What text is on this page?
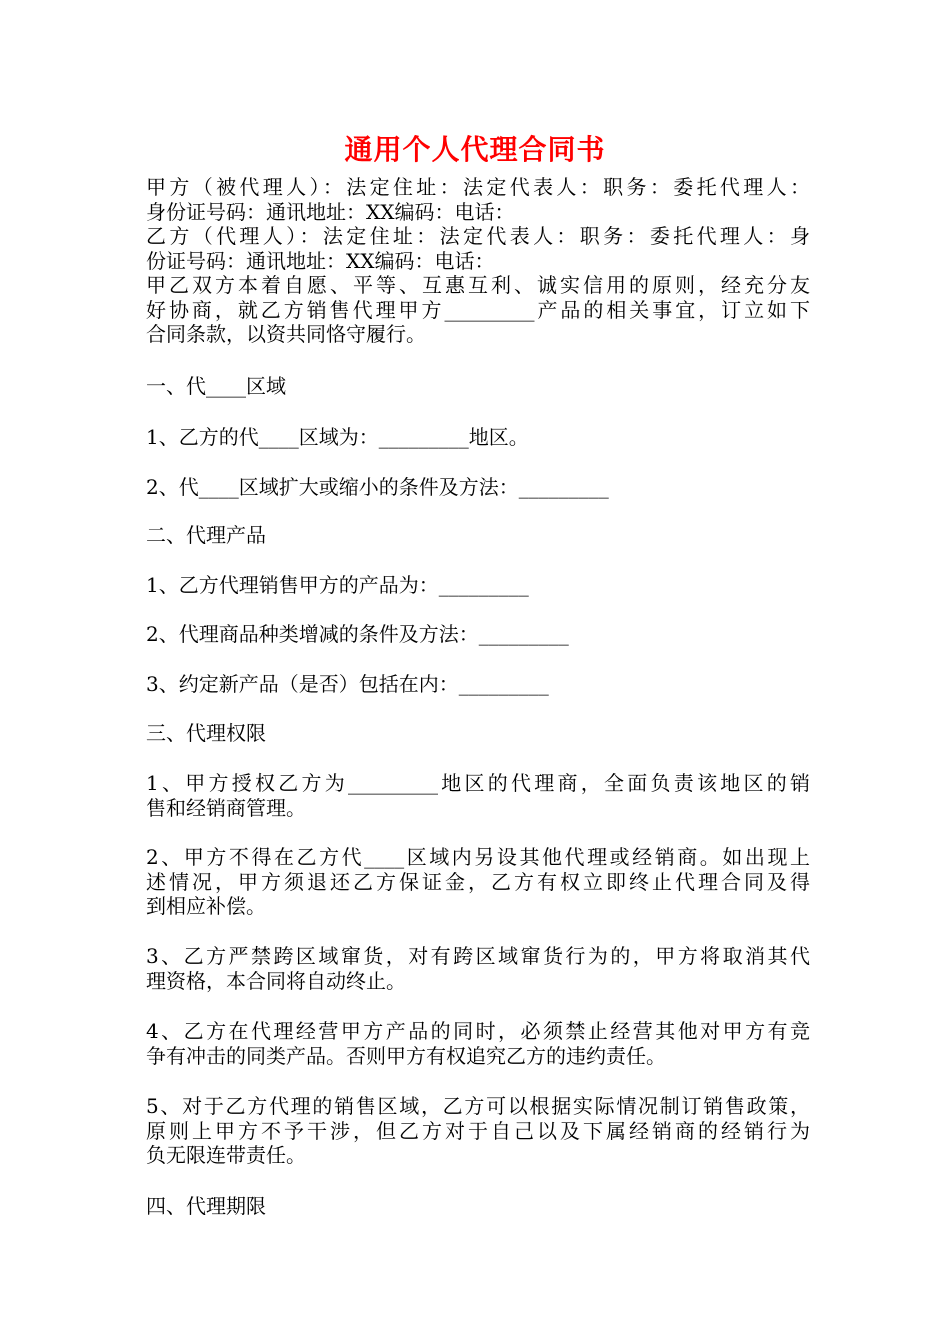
通用个人代理合同书
甲方（被代理人）：法定住址：法定代表人：职务：委托代理人：
身份证号码：通讯地址：XX编码：电话：
乙方（代理人）：法定住址：法定代表人：职务：委托代理人：身
份证号码：通讯地址：XX编码：电话：
甲乙双方本着自愿、平等、互惠互利、诚实信用的原则，经充分友
好协商，就乙方销售代理甲方_________产品的相关事宜，订立如下
合同条款，以资共同恪守履行。
一、代____区域
1、乙方的代____区域为：_________地区。
2、代____区域扩大或缩小的条件及方法：_________
二、代理产品
1、乙方代理销售甲方的产品为：_________
2、代理商品种类增减的条件及方法：_________
3、约定新产品（是否）包括在内：_________
三、代理权限
1、甲方授权乙方为_________地区的代理商，全面负责该地区的销
售和经销商管理。
2、甲方不得在乙方代____区域内另设其他代理或经销商。如出现上
述情况，甲方须退还乙方保证金，乙方有权立即终止代理合同及得
到相应补偿。
3、乙方严禁跨区域窜货，对有跨区域窜货行为的，甲方将取消其代
理资格，本合同将自动终止。
4、乙方在代理经营甲方产品的同时，必须禁止经营其他对甲方有竞
争有冲击的同类产品。否则甲方有权追究乙方的违约责任。
5、对于乙方代理的销售区域，乙方可以根据实际情况制订销售政策，
原则上甲方不予干涉，但乙方对于自己以及下属经销商的经销行为
负无限连带责任。
四、代理期限
